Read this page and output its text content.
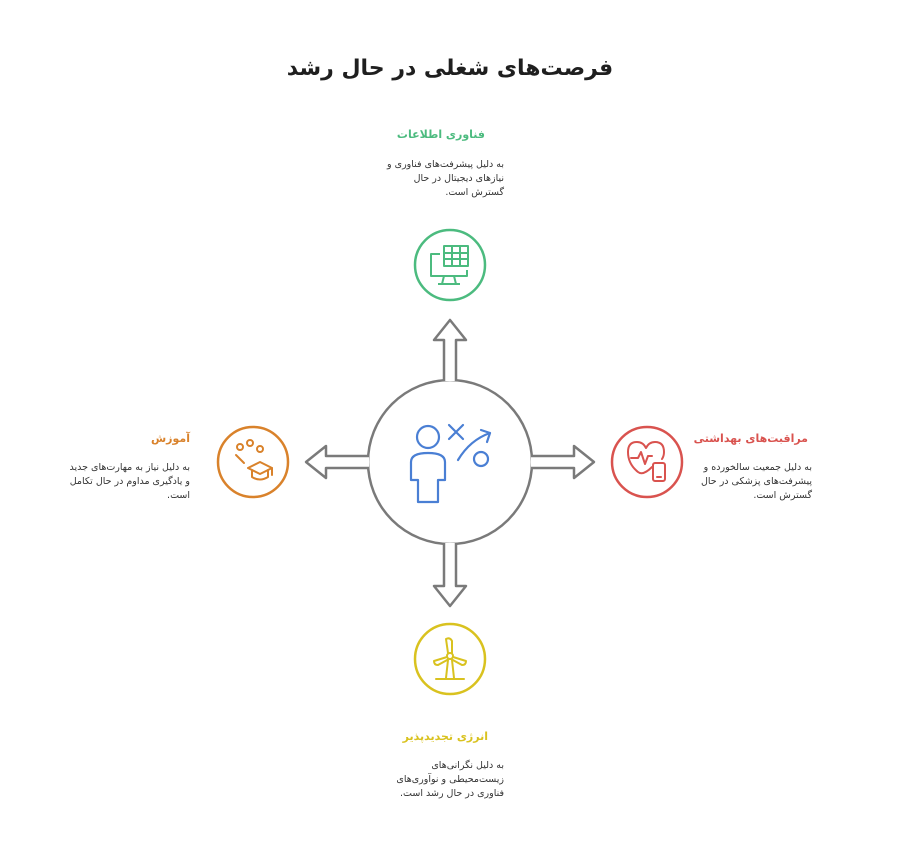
فرصت‌های شغلی در حال رشد
فناوری اطلاعات
به دلیل پیشرفت‌های فناوری و
نیازهای دیجیتال در حال
گسترش است.
مراقبت‌های بهداشتی
به دلیل جمعیت سالخورده و
پیشرفت‌های پزشکی در حال
گسترش است.
انرژی تجدیدپذیر
به دلیل نگرانی‌های
زیست‌محیطی و نوآوری‌های
فناوری در حال رشد است.
آموزش
به دلیل نیاز به مهارت‌های جدید
و یادگیری مداوم در حال تکامل
است.
